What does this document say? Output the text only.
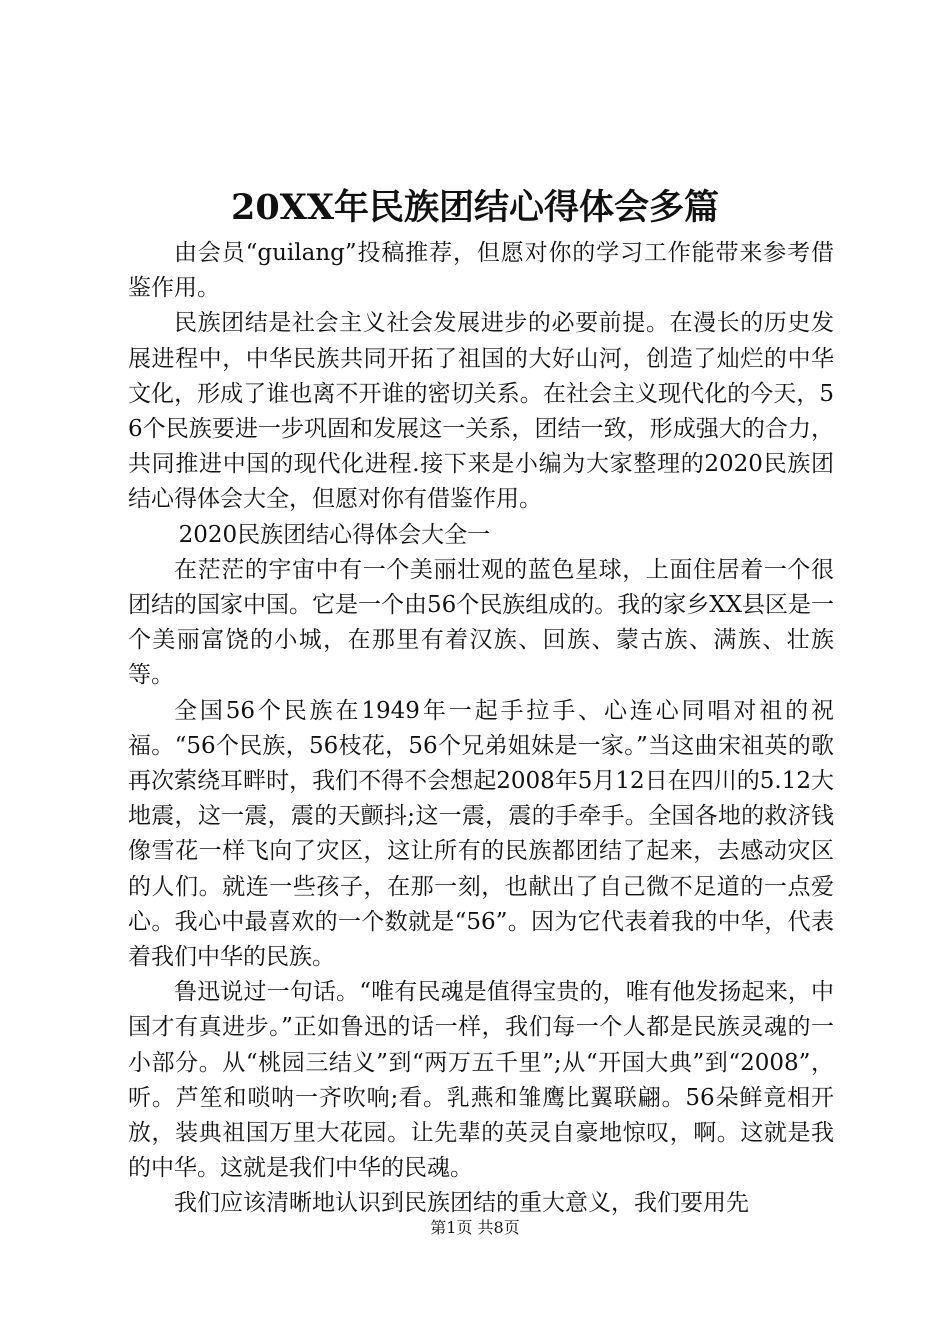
20XX年民族团结心得体会多篇

由会员“guilang”投稿推荐，但愿对你的学习工作能带来参考借鉴作用。

民族团结是社会主义社会发展进步的必要前提。在漫长的历史发展进程中，中华民族共同开拓了祖国的大好山河，创造了灿烂的中华文化，形成了谁也离不开谁的密切关系。在社会主义现代化的今天，56个民族要进一步巩固和发展这一关系，团结一致，形成强大的合力，共同推进中国的现代化进程.接下来是小编为大家整理的2020民族团结心得体会大全，但愿对你有借鉴作用。

2020民族团结心得体会大全一

在茫茫的宇宙中有一个美丽壮观的蓝色星球，上面住居着一个很团结的国家中国。它是一个由56个民族组成的。我的家乡XX县区是一个美丽富饶的小城，在那里有着汉族、回族、蒙古族、满族、壮族等。

全国56个民族在1949年一起手拉手、心连心同唱对祖的祝福。“56个民族，56枝花，56个兄弟姐妹是一家。”当这曲宋祖英的歌再次萦绕耳畔时，我们不得不会想起2008年5月12日在四川的5.12大地震，这一震，震的天颤抖;这一震，震的手牵手。全国各地的救济钱像雪花一样飞向了灾区，这让所有的民族都团结了起来，去感动灾区的人们。就连一些孩子，在那一刻，也献出了自己微不足道的一点爱心。我心中最喜欢的一个数就是“56”。因为它代表着我的中华，代表着我们中华的民族。

鲁迅说过一句话。“唯有民魂是值得宝贵的，唯有他发扬起来，中国才有真进步。”正如鲁迅的话一样，我们每一个人都是民族灵魂的一小部分。从“桃园三结义”到“两万五千里”;从“开国大典”到“2008”，听。芦笙和唢呐一齐吹响;看。乳燕和雏鹰比翼联翩。56朵鲜竟相开放，装典祖国万里大花园。让先辈的英灵自豪地惊叹，啊。这就是我的中华。这就是我们中华的民魂。

我们应该清晰地认识到民族团结的重大意义，我们要用先

第1页 共8页
